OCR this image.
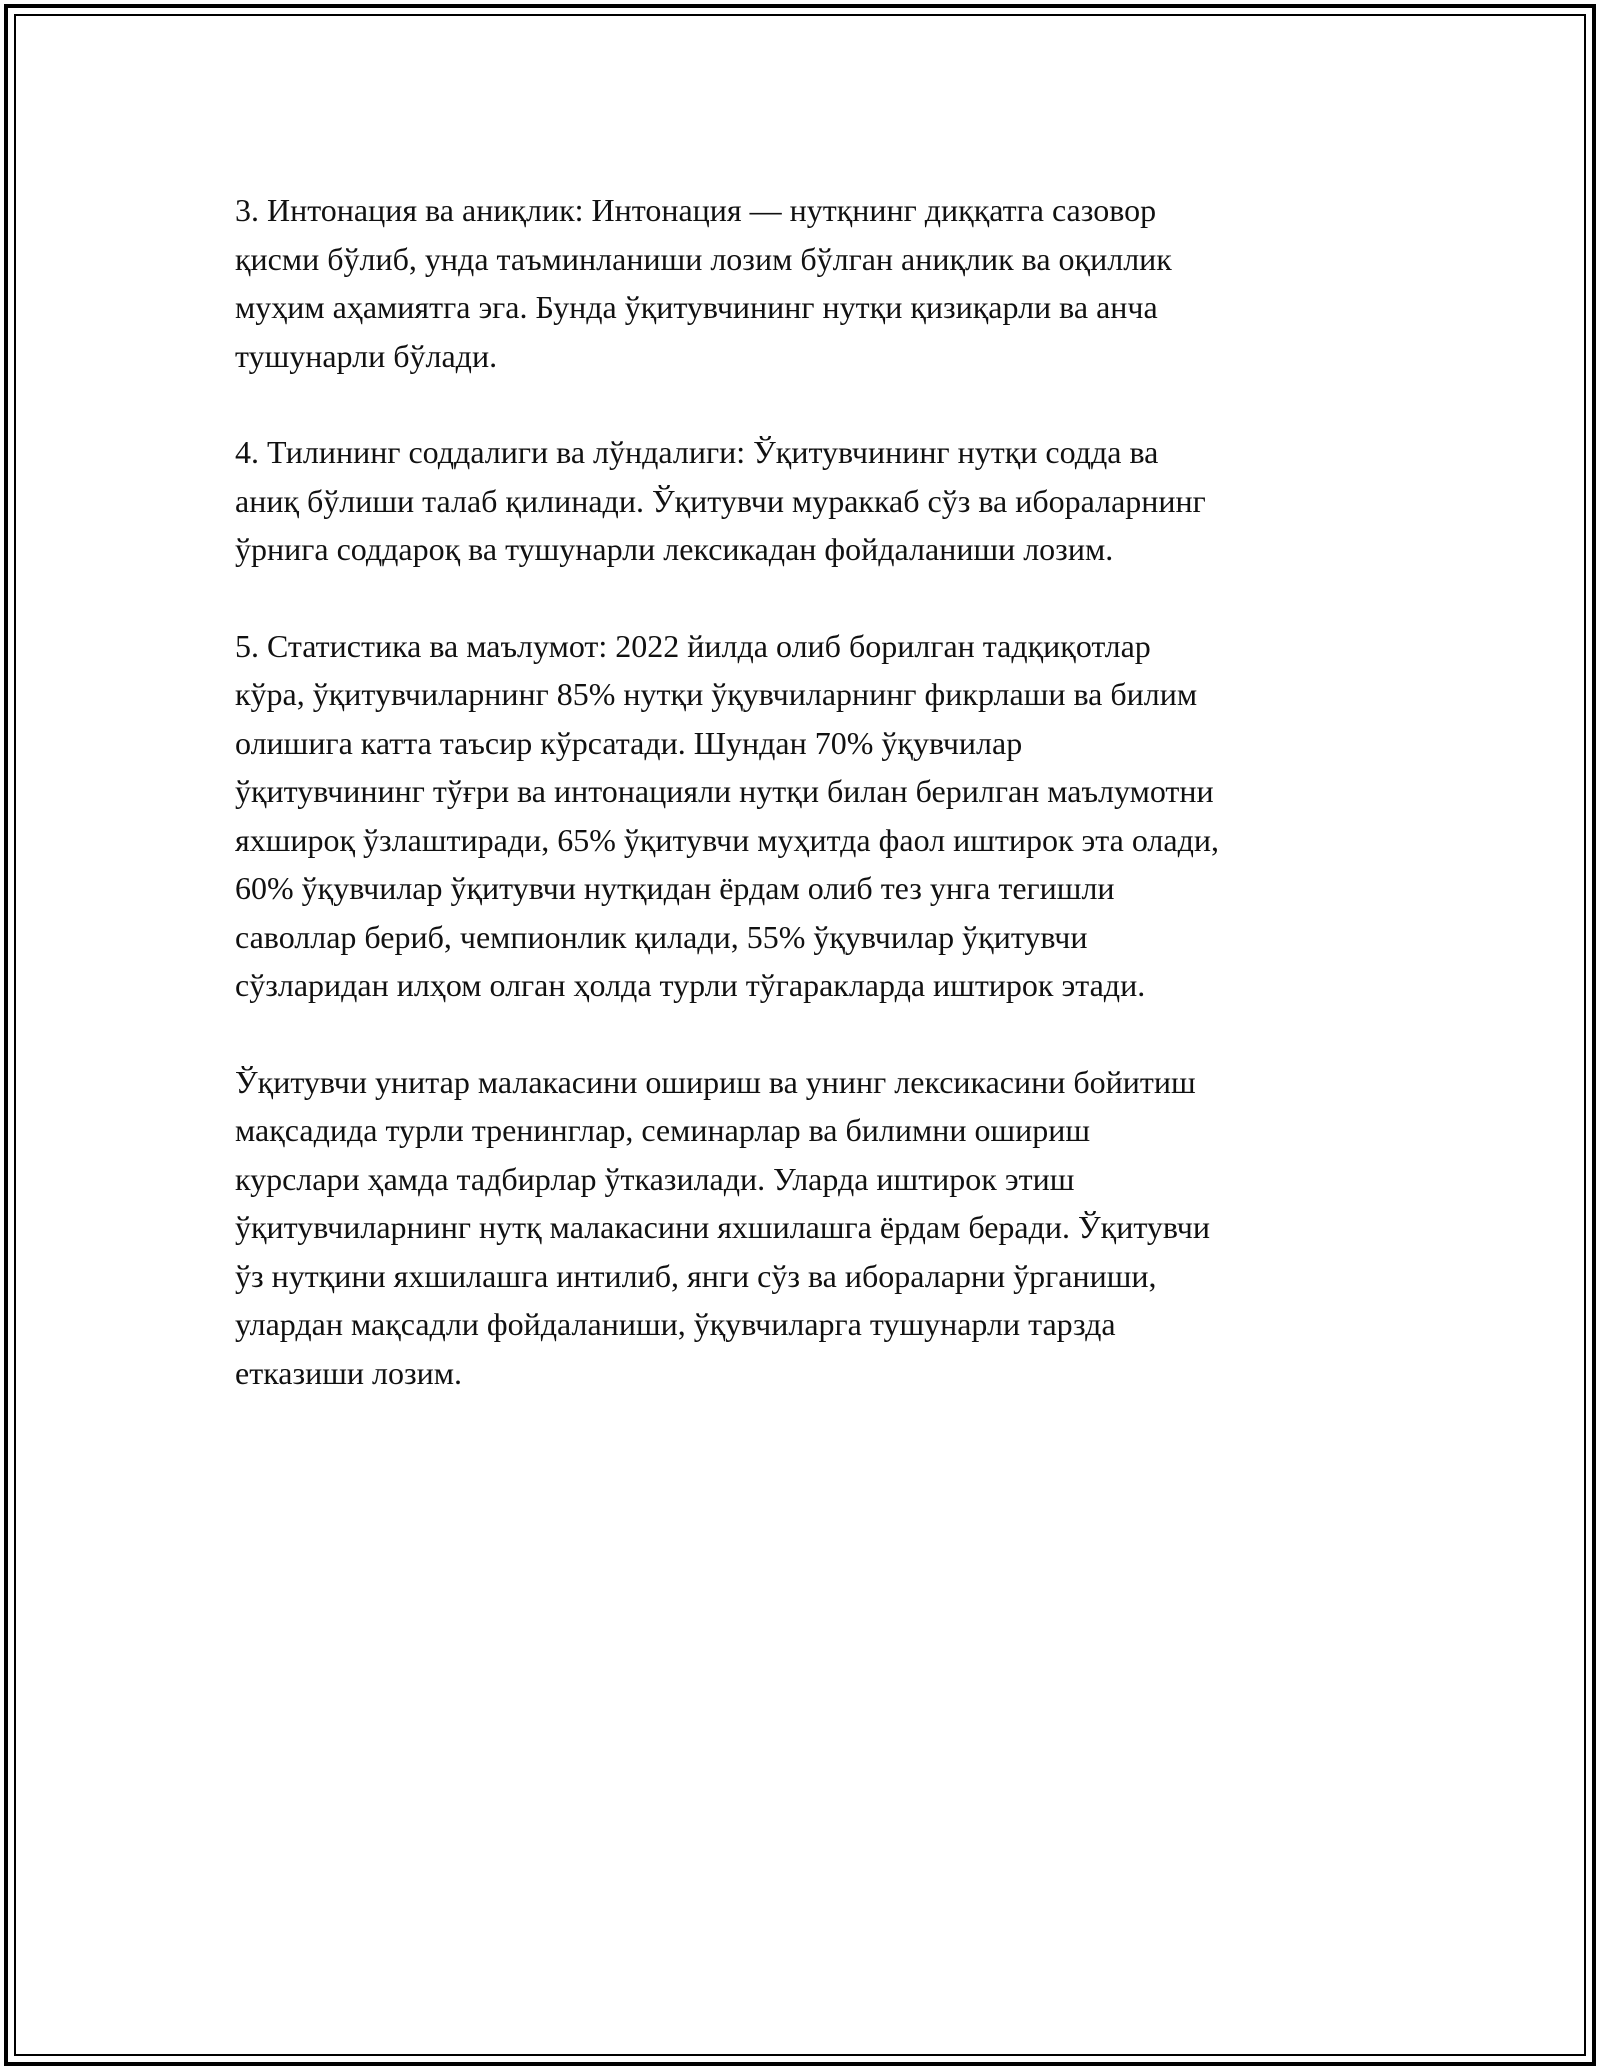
3. Интонация ва аниқлик: Интонация — нутқнинг диққатга сазовор
қисми бўлиб, унда таъминланиши лозим бўлган аниқлик ва оқиллик
муҳим аҳамиятга эга. Бунда ўқитувчининг нутқи қизиқарли ва анча
тушунарли бўлади.

4. Тилининг соддалиги ва лўндалиги: Ўқитувчининг нутқи содда ва
аниқ бўлиши талаб қилинади. Ўқитувчи мураккаб сўз ва ибораларнинг
ўрнига соддароқ ва тушунарли лексикадан фойдаланиши лозим.

5. Статистика ва маълумот: 2022 йилда олиб борилган тадқиқотлар
кўра, ўқитувчиларнинг 85% нутқи ўқувчиларнинг фикрлаши ва билим
олишига катта таъсир кўрсатади. Шундан 70% ўқувчилар
ўқитувчининг тўғри ва интонацияли нутқи билан берилган маълумотни
яхшироқ ўзлаштиради, 65% ўқитувчи муҳитда фаол иштирок эта олади,
60% ўқувчилар ўқитувчи нутқидан ёрдам олиб тез унга тегишли
саволлар бериб, чемпионлик қилади, 55% ўқувчилар ўқитувчи
сўзларидан илҳом олган ҳолда турли тўгаракларда иштирок этади.

Ўқитувчи унитар малакасини ошириш ва унинг лексикасини бойитиш
мақсадида турли тренинглар, семинарлар ва билимни ошириш
курслари ҳамда тадбирлар ўтказилади. Уларда иштирок этиш
ўқитувчиларнинг нутқ малакасини яхшилашга ёрдам беради. Ўқитувчи
ўз нутқини яхшилашга интилиб, янги сўз ва ибораларни ўрганиши,
улардан мақсадли фойдаланиши, ўқувчиларга тушунарли тарзда
етказиши лозим.
